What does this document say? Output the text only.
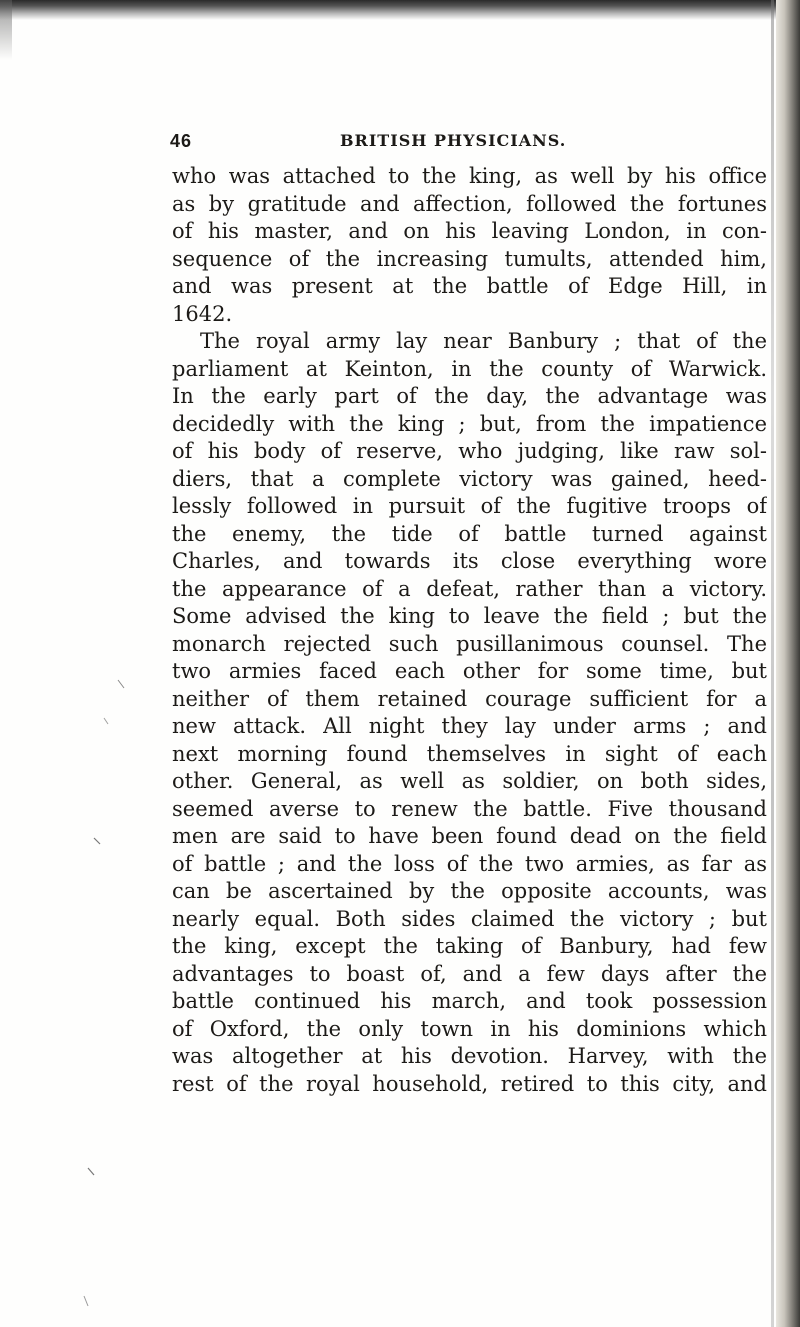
46	BRITISH PHYSICIANS.
who was attached to the king, as well by his office
as by gratitude and affection, followed the fortunes
of his master, and on his leaving London, in con-
sequence of the increasing tumults, attended him,
and was present at the battle of Edge Hill, in
1642.
The royal army lay near Banbury ; that of the
parliament at Keinton, in the county of Warwick.
In the early part of the day, the advantage was
decidedly with the king ; but, from the impatience
of his body of reserve, who judging, like raw sol-
diers, that a complete victory was gained, heed-
lessly followed in pursuit of the fugitive troops of
the enemy, the tide of battle turned against
Charles, and towards its close everything wore
the appearance of a defeat, rather than a victory.
Some advised the king to leave the field ; but the
monarch rejected such pusillanimous counsel. The
two armies faced each other for some time, but
neither of them retained courage sufficient for a
new attack. All night they lay under arms ; and
next morning found themselves in sight of each
other. General, as well as soldier, on both sides,
seemed averse to renew the battle. Five thousand
men are said to have been found dead on the field
of battle ; and the loss of the two armies, as far as
can be ascertained by the opposite accounts, was
nearly equal. Both sides claimed the victory ; but
the king, except the taking of Banbury, had few
advantages to boast of, and a few days after the
battle continued his march, and took possession
of Oxford, the only town in his dominions which
was altogether at his devotion. Harvey, with the
rest of the royal household, retired to this city, and
